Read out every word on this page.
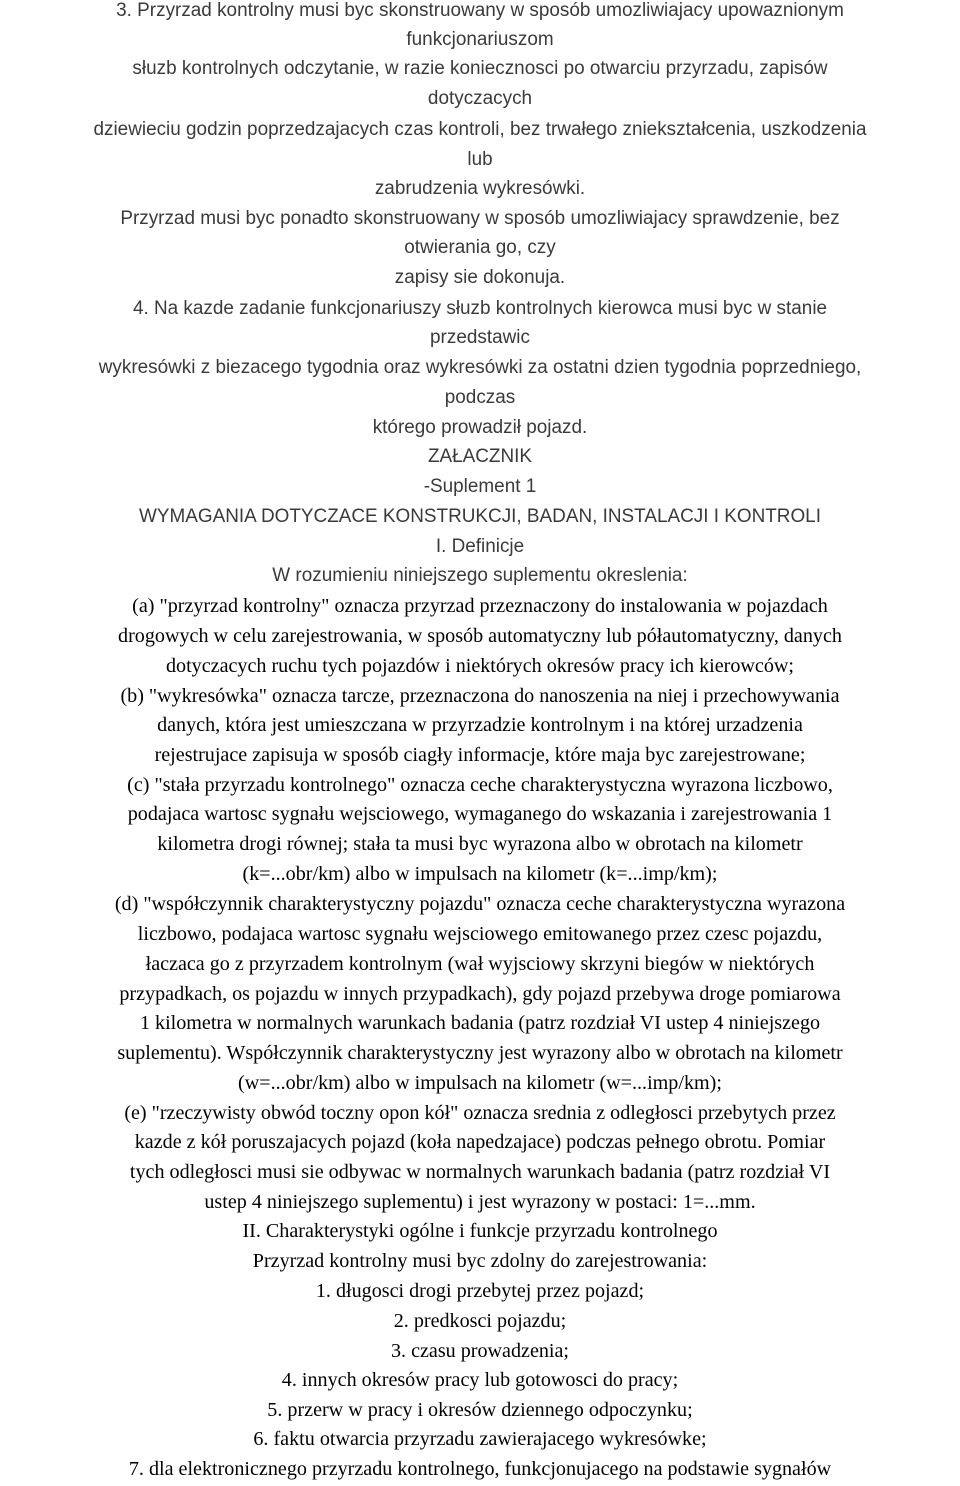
3. Przyrzad kontrolny musi byc skonstruowany w sposób umozliwiajacy upowaznionym
funkcjonariuszom
słuzb kontrolnych odczytanie, w razie koniecznosci po otwarciu przyrzadu, zapisów
dotyczacych
dziewieciu godzin poprzedzajacych czas kontroli, bez trwałego zniekształcenia, uszkodzenia
lub
zabrudzenia wykresówki.
Przyrzad musi byc ponadto skonstruowany w sposób umozliwiajacy sprawdzenie, bez
otwierania go, czy
zapisy sie dokonuja.
4. Na kazde zadanie funkcjonariuszy słuzb kontrolnych kierowca musi byc w stanie
przedstawic
wykresówki z biezacego tygodnia oraz wykresówki za ostatni dzien tygodnia poprzedniego,
podczas
którego prowadził pojazd.
ZAŁACZNIK
-Suplement 1
WYMAGANIA DOTYCZACE KONSTRUKCJI, BADAN, INSTALACJI I KONTROLI
I. Definicje
W rozumieniu niniejszego suplementu okreslenia:
(a) "przyrzad kontrolny" oznacza przyrzad przeznaczony do instalowania w pojazdach
drogowych w celu zarejestrowania, w sposób automatyczny lub półautomatyczny, danych
dotyczacych ruchu tych pojazdów i niektórych okresów pracy ich kierowców;
(b) "wykresówka" oznacza tarcze, przeznaczona do nanoszenia na niej i przechowywania
danych, która jest umieszczana w przyrzadzie kontrolnym i na której urzadzenia
rejestrujace zapisuja w sposób ciagły informacje, które maja byc zarejestrowane;
(c) "stała przyrzadu kontrolnego" oznacza ceche charakterystyczna wyrazona liczbowo,
podajaca wartosc sygnału wejsciowego, wymaganego do wskazania i zarejestrowania 1
kilometra drogi równej; stała ta musi byc wyrazona albo w obrotach na kilometr
(k=...obr/km) albo w impulsach na kilometr (k=...imp/km);
(d) "współczynnik charakterystyczny pojazdu" oznacza ceche charakterystyczna wyrazona
liczbowo, podajaca wartosc sygnału wejsciowego emitowanego przez czesc pojazdu,
łaczaca go z przyrzadem kontrolnym (wał wyjsciowy skrzyni biegów w niektórych
przypadkach, os pojazdu w innych przypadkach), gdy pojazd przebywa droge pomiarowa
1 kilometra w normalnych warunkach badania (patrz rozdział VI ustep 4 niniejszego
suplementu). Współczynnik charakterystyczny jest wyrazony albo w obrotach na kilometr
(w=...obr/km) albo w impulsach na kilometr (w=...imp/km);
(e) "rzeczywisty obwód toczny opon kół" oznacza srednia z odległosci przebytych przez
kazde z kół poruszajacych pojazd (koła napedzajace) podczas pełnego obrotu. Pomiar
tych odległosci musi sie odbywac w normalnych warunkach badania (patrz rozdział VI
ustep 4 niniejszego suplementu) i jest wyrazony w postaci: 1=...mm.
II. Charakterystyki ogólne i funkcje przyrzadu kontrolnego
Przyrzad kontrolny musi byc zdolny do zarejestrowania:
1. długosci drogi przebytej przez pojazd;
2. predkosci pojazdu;
3. czasu prowadzenia;
4. innych okresów pracy lub gotowosci do pracy;
5. przerw w pracy i okresów dziennego odpoczynku;
6. faktu otwarcia przyrzadu zawierajacego wykresówke;
7. dla elektronicznego przyrzadu kontrolnego, funkcjonujacego na podstawie sygnałów
